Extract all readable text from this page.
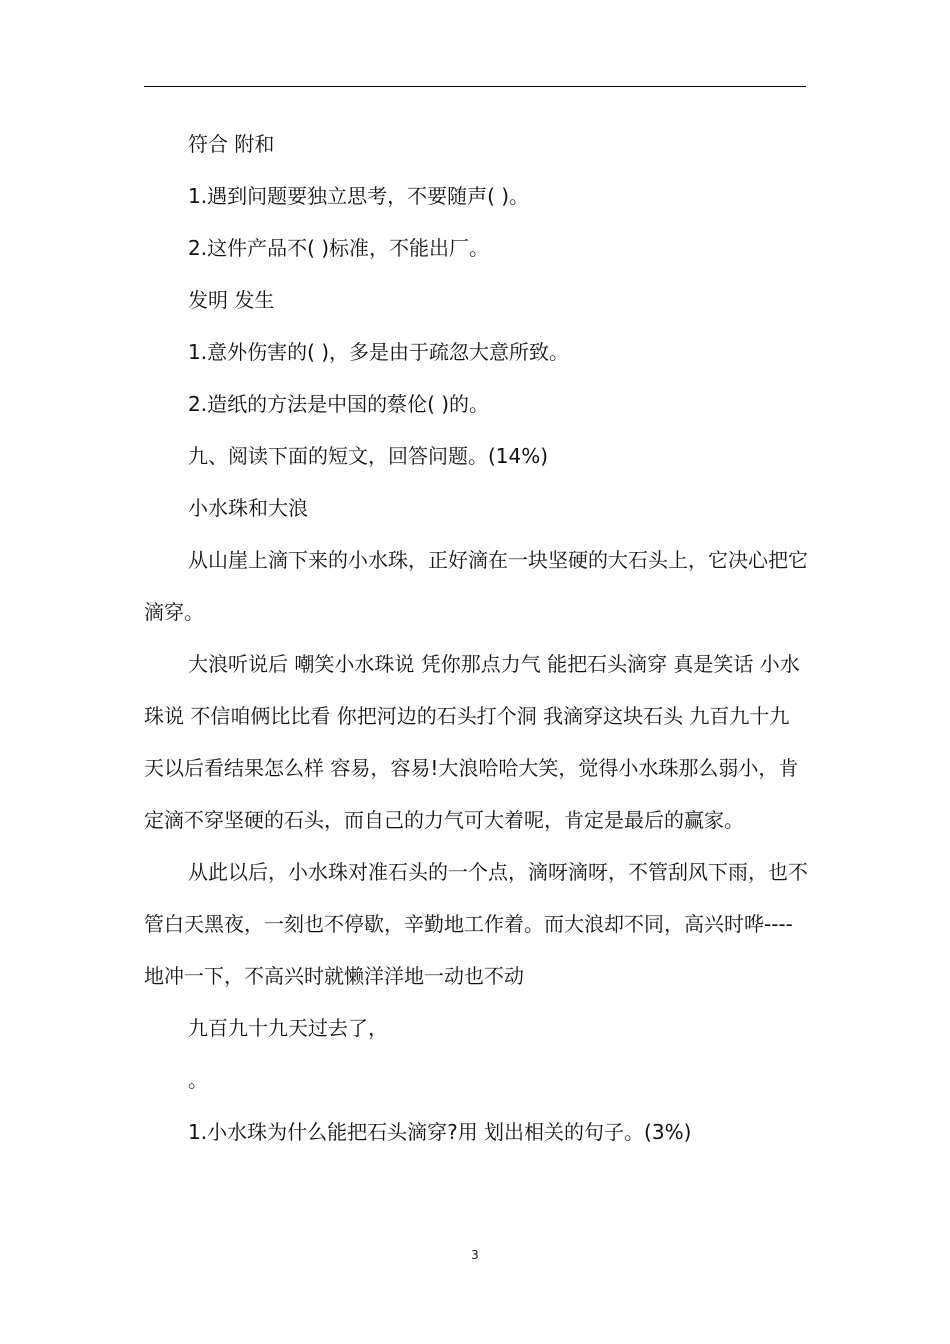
符合 附和

1.遇到问题要独立思考，不要随声( )。

2.这件产品不( )标准，不能出厂。

发明 发生

1.意外伤害的( )，多是由于疏忽大意所致。

2.造纸的方法是中国的蔡伦( )的。

九、阅读下面的短文，回答问题。(14%)

小水珠和大浪

从山崖上滴下来的小水珠，正好滴在一块坚硬的大石头上，它决心把它滴穿。

大浪听说后 嘲笑小水珠说 凭你那点力气 能把石头滴穿 真是笑话 小水珠说 不信咱俩比比看 你把河边的石头打个洞 我滴穿这块石头 九百九十九天以后看结果怎么样 容易，容易!大浪哈哈大笑，觉得小水珠那么弱小，肯定滴不穿坚硬的石头，而自己的力气可大着呢，肯定是最后的赢家。

从此以后，小水珠对准石头的一个点，滴呀滴呀，不管刮风下雨，也不管白天黑夜，一刻也不停歇，辛勤地工作着。而大浪却不同，高兴时哗----地冲一下，不高兴时就懒洋洋地一动也不动

九百九十九天过去了，

。

1.小水珠为什么能把石头滴穿?用 划出相关的句子。(3%)

3
